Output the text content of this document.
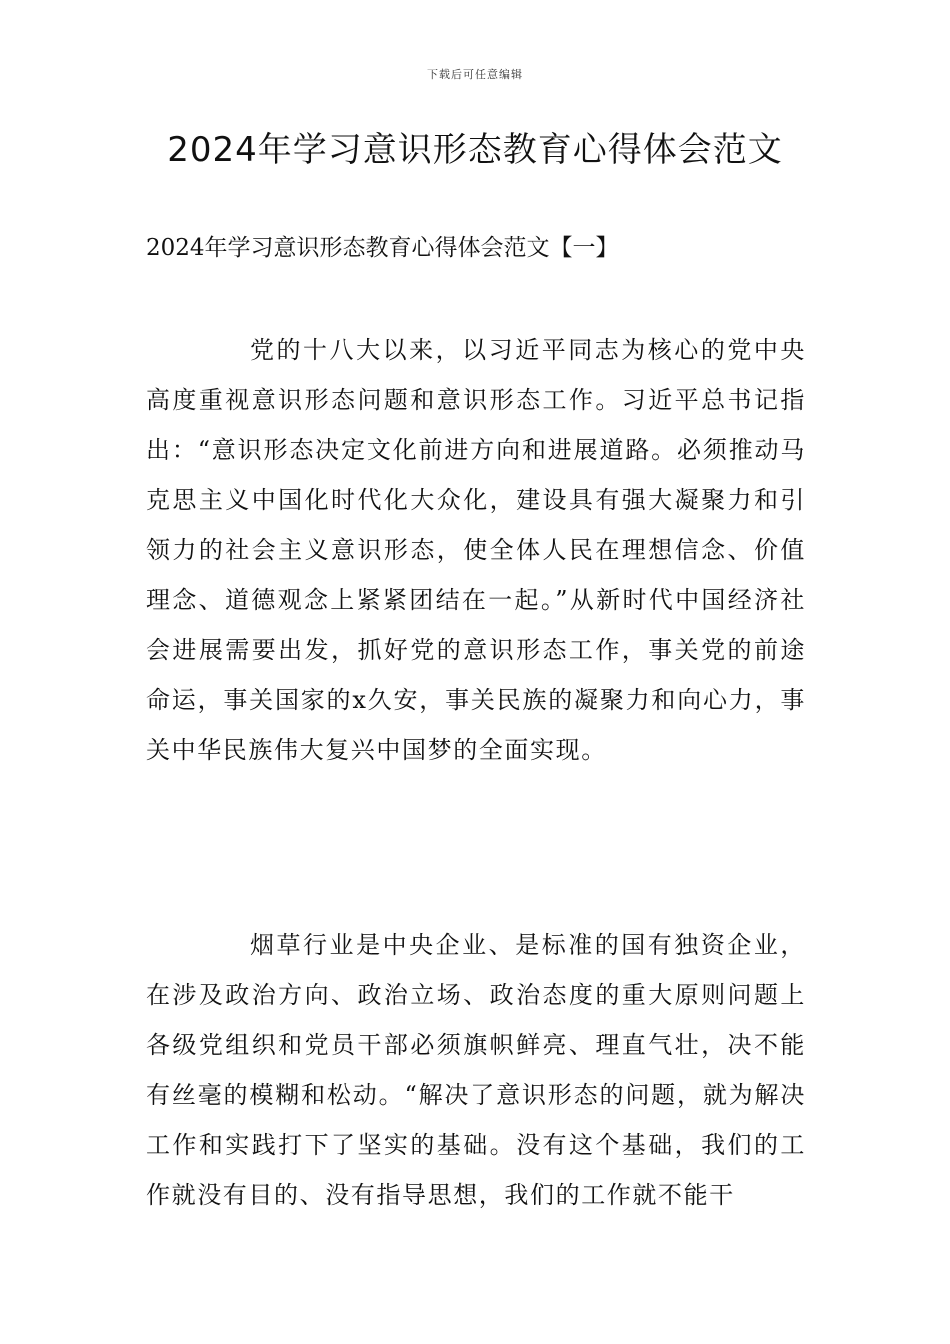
下载后可任意编辑
2024年学习意识形态教育心得体会范文
2024年学习意识形态教育心得体会范文【一】

党的十八大以来，以习近平同志为核心的党中央高度重视意识形态问题和意识形态工作。习近平总书记指出：“意识形态决定文化前进方向和进展道路。必须推动马克思主义中国化时代化大众化，建设具有强大凝聚力和引领力的社会主义意识形态，使全体人民在理想信念、价值理念、道德观念上紧紧团结在一起。”从新时代中国经济社会进展需要出发，抓好党的意识形态工作，事关党的前途命运，事关国家的x久安，事关民族的凝聚力和向心力，事关中华民族伟大复兴中国梦的全面实现。

烟草行业是中央企业、是标准的国有独资企业，在涉及政治方向、政治立场、政治态度的重大原则问题上各级党组织和党员干部必须旗帜鲜亮、理直气壮，决不能有丝毫的模糊和松动。“解决了意识形态的问题，就为解决工作和实践打下了坚实的基础。没有这个基础，我们的工作就没有目的、没有指导思想，我们的工作就不能干
